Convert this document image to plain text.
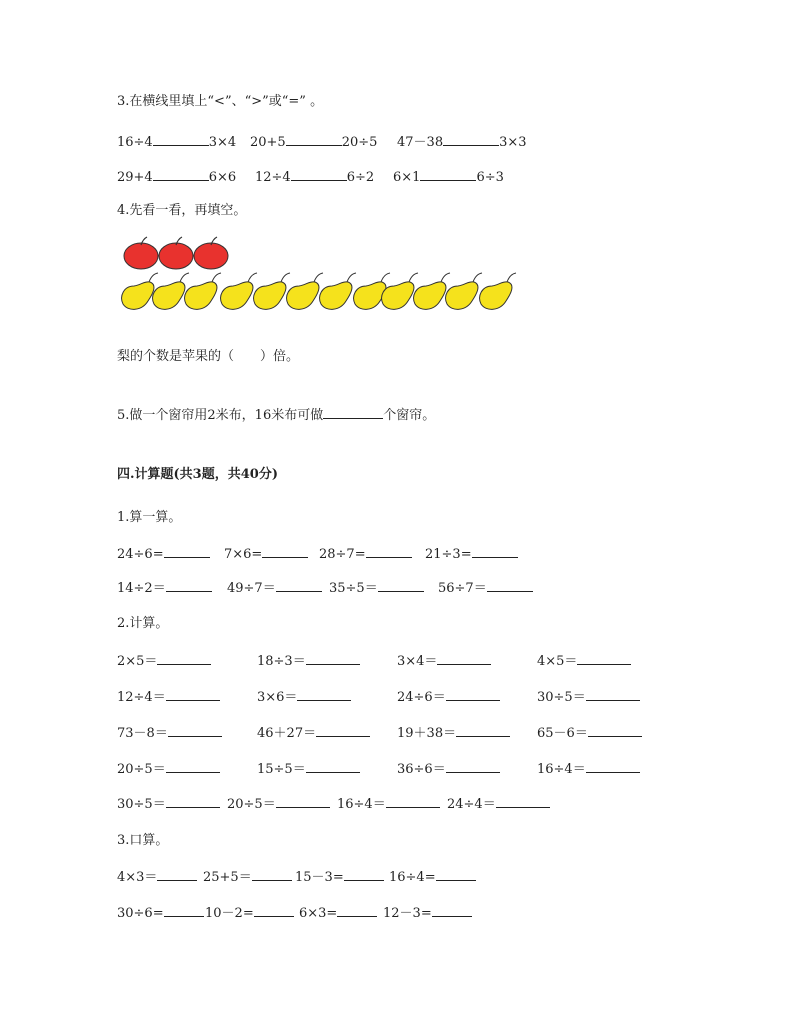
3.在横线里填上“<”、“>”或“=” 。
16÷4	3×4 20+5	20÷5 47－38	3×3
29+4	6×6 12÷4	6÷2 6×1	6÷3
4.先看一看，再填空。
梨的个数是苹果的（　　）倍。
5.做一个窗帘用2米布，16米布可做	个窗帘。
四.计算题(共3题，共40分)
1.算一算。
24÷6=	7×6=	28÷7=	21÷3=
14÷2＝	49÷7＝	35÷5＝	56÷7＝
2.计算。
2×5＝	18÷3＝	3×4＝	4×5＝
12÷4＝	3×6＝	24÷6＝	30÷5＝
73－8＝	46＋27＝	19＋38＝	65－6＝
20÷5＝	15÷5＝	36÷6＝	16÷4＝
30÷5＝	20÷5＝	16÷4＝	24÷4＝
3.口算。
4×3＝	25+5＝	15－3=	16÷4=
30÷6=	10－2=	6×3=	12－3=
